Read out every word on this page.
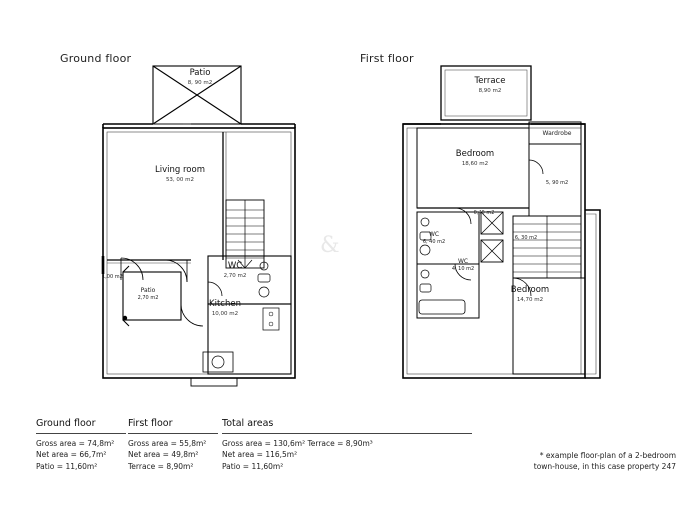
Ground floor	First floor
Patio
8, 90 m2
Living room
53, 00 m2
WC
2,70 m2
Kitchen
10,00 m2
Patio
2,70 m2
1,00 m2
Terrace
8,90 m2
Bedroom
18,60 m2
Wardrobe
5, 90 m2
WC
6, 40 m2
WC
4, 10 m2
Bedroom
14,70 m2
0,40 m2
6, 30 m2
&
Ground floor
Gross area = 74,8m²
Net area = 66,7m²
Patio = 11,60m²
First floor
Gross area = 55,8m²
Net area = 49,8m²
Terrace = 8,90m²
Total areas
Gross area = 130,6m² Terrace = 8,90m³
Net area = 116,5m²
Patio = 11,60m²
* example floor-plan of a 2-bedroom
town-house, in this case property 247
